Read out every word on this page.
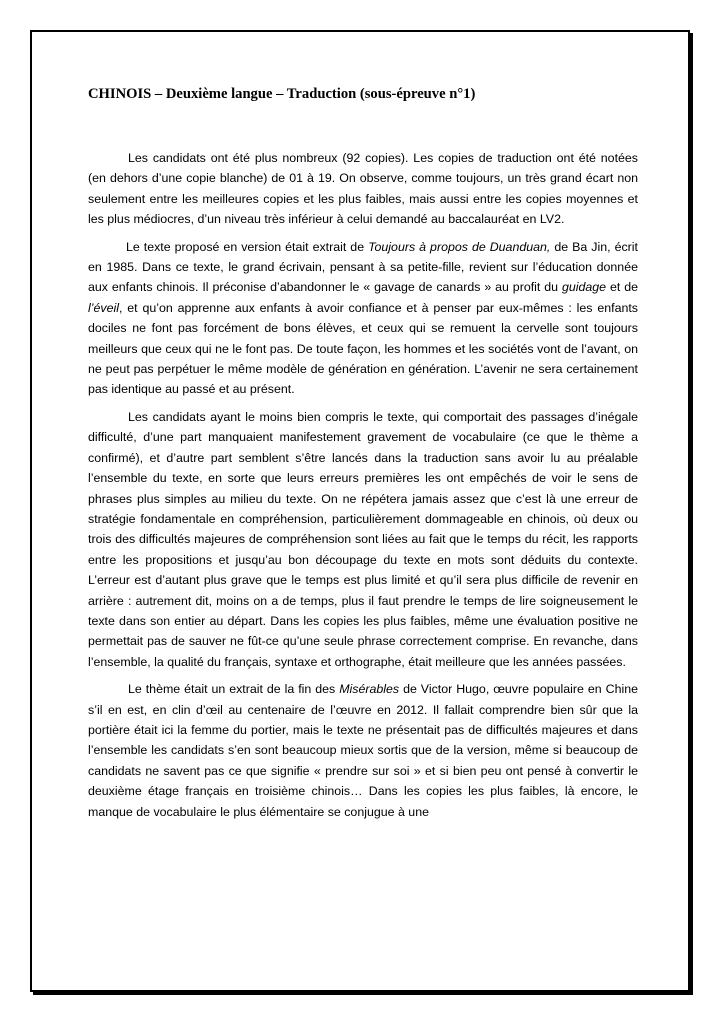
CHINOIS – Deuxième langue – Traduction (sous-épreuve n°1)

Les candidats ont été plus nombreux (92 copies). Les copies de traduction ont été notées (en dehors d’une copie blanche) de 01 à 19. On observe, comme toujours, un très grand écart non seulement entre les meilleures copies et les plus faibles, mais aussi entre les copies moyennes et les plus médiocres, d’un niveau très inférieur à celui demandé au baccalauréat en LV2.

Le texte proposé en version était extrait de Toujours à propos de Duanduan, de Ba Jin, écrit en 1985. Dans ce texte, le grand écrivain, pensant à sa petite-fille, revient sur l’éducation donnée aux enfants chinois. Il préconise d’abandonner le « gavage de canards » au profit du guidage et de l’éveil, et qu’on apprenne aux enfants à avoir confiance et à penser par eux-mêmes : les enfants dociles ne font pas forcément de bons élèves, et ceux qui se remuent la cervelle sont toujours meilleurs que ceux qui ne le font pas. De toute façon, les hommes et les sociétés vont de l’avant, on ne peut pas perpétuer le même modèle de génération en génération. L’avenir ne sera certainement pas identique au passé et au présent.

Les candidats ayant le moins bien compris le texte, qui comportait des passages d’inégale difficulté, d’une part manquaient manifestement gravement de vocabulaire (ce que le thème a confirmé), et d’autre part semblent s’être lancés dans la traduction sans avoir lu au préalable l’ensemble du texte, en sorte que leurs erreurs premières les ont empêchés de voir le sens de phrases plus simples au milieu du texte. On ne répétera jamais assez que c’est là une erreur de stratégie fondamentale en compréhension, particulièrement dommageable en chinois, où deux ou trois des difficultés majeures de compréhension sont liées au fait que le temps du récit, les rapports entre les propositions et jusqu’au bon découpage du texte en mots sont déduits du contexte. L’erreur est d’autant plus grave que le temps est plus limité et qu’il sera plus difficile de revenir en arrière : autrement dit, moins on a de temps, plus il faut prendre le temps de lire soigneusement le texte dans son entier au départ. Dans les copies les plus faibles, même une évaluation positive ne permettait pas de sauver ne fût-ce qu’une seule phrase correctement comprise. En revanche, dans l’ensemble, la qualité du français, syntaxe et orthographe, était meilleure que les années passées.

Le thème était un extrait de la fin des Misérables de Victor Hugo, œuvre populaire en Chine s’il en est, en clin d’œil au centenaire de l’œuvre en 2012. Il fallait comprendre bien sûr que la portière était ici la femme du portier, mais le texte ne présentait pas de difficultés majeures et dans l’ensemble les candidats s’en sont beaucoup mieux sortis que de la version, même si beaucoup de candidats ne savent pas ce que signifie « prendre sur soi » et si bien peu ont pensé à convertir le deuxième étage français en troisième chinois… Dans les copies les plus faibles, là encore, le manque de vocabulaire le plus élémentaire se conjugue à une
